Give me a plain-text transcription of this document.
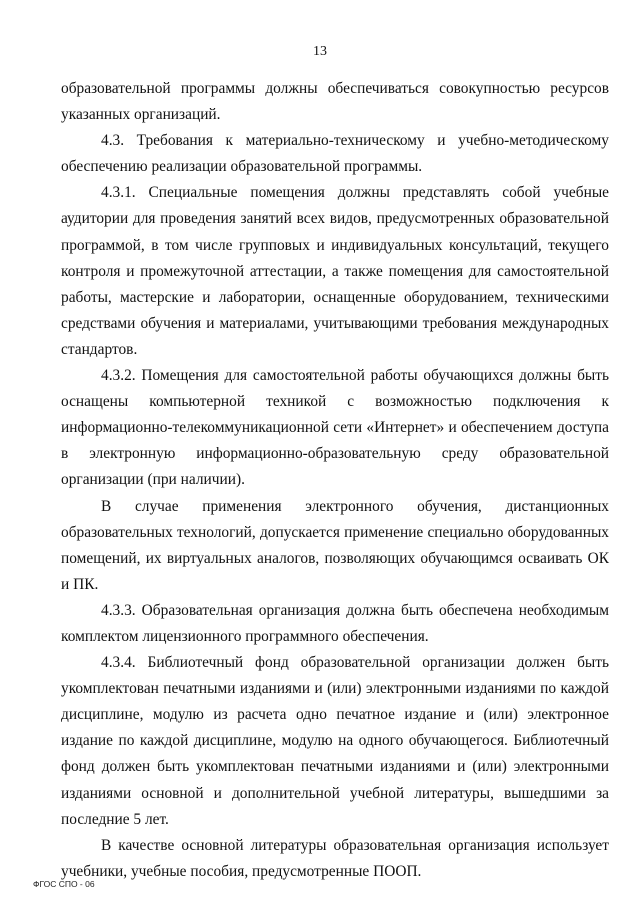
13

образовательной программы должны обеспечиваться совокупностью ресурсов указанных организаций.

4.3. Требования к материально-техническому и учебно-методическому обеспечению реализации образовательной программы.

4.3.1. Специальные помещения должны представлять собой учебные аудитории для проведения занятий всех видов, предусмотренных образовательной программой, в том числе групповых и индивидуальных консультаций, текущего контроля и промежуточной аттестации, а также помещения для самостоятельной работы, мастерские и лаборатории, оснащенные оборудованием, техническими средствами обучения и материалами, учитывающими требования международных стандартов.

4.3.2. Помещения для самостоятельной работы обучающихся должны быть оснащены компьютерной техникой с возможностью подключения к информационно-телекоммуникационной сети «Интернет» и обеспечением доступа в электронную информационно-образовательную среду образовательной организации (при наличии).

В случае применения электронного обучения, дистанционных образовательных технологий, допускается применение специально оборудованных помещений, их виртуальных аналогов, позволяющих обучающимся осваивать ОК и ПК.

4.3.3. Образовательная организация должна быть обеспечена необходимым комплектом лицензионного программного обеспечения.

4.3.4. Библиотечный фонд образовательной организации должен быть укомплектован печатными изданиями и (или) электронными изданиями по каждой дисциплине, модулю из расчета одно печатное издание и (или) электронное издание по каждой дисциплине, модулю на одного обучающегося. Библиотечный фонд должен быть укомплектован печатными изданиями и (или) электронными изданиями основной и дополнительной учебной литературы, вышедшими за последние 5 лет.

В качестве основной литературы образовательная организация использует учебники, учебные пособия, предусмотренные ПООП.

ФГОС СПО - 06
